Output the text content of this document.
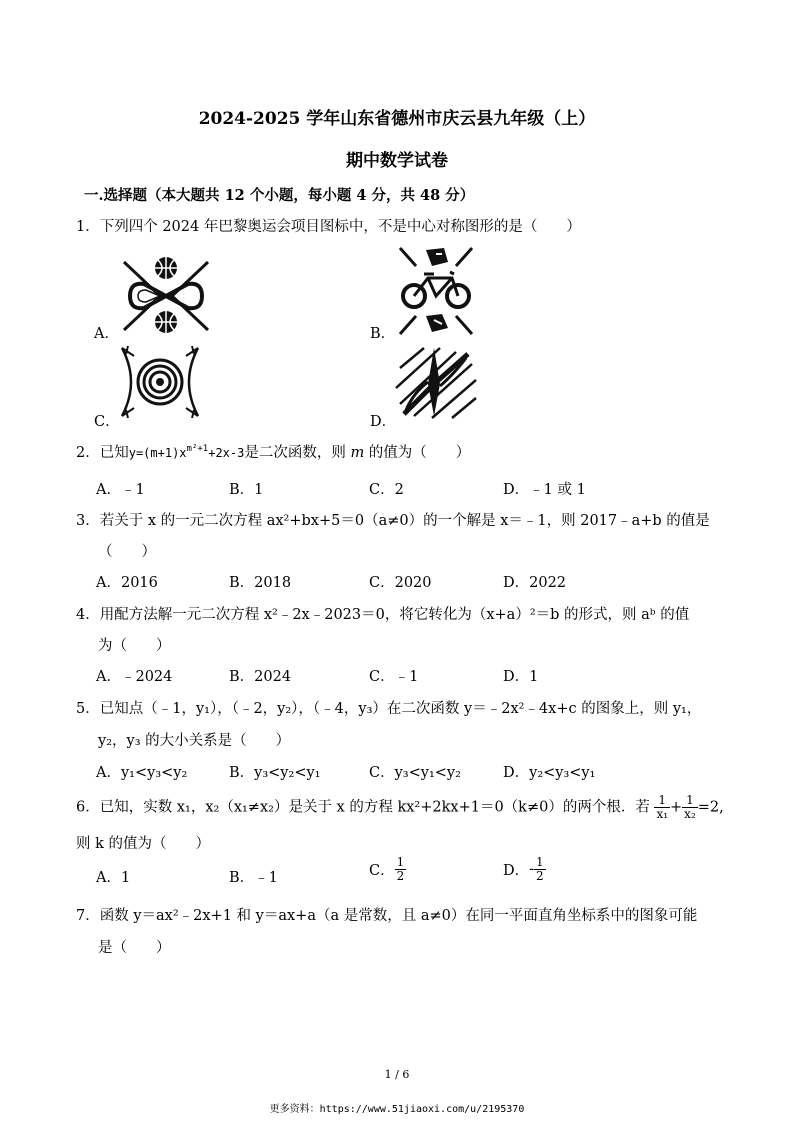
2024-2025 学年山东省德州市庆云县九年级（上）
期中数学试卷
一.选择题（本大题共 12 个小题，每小题 4 分，共 48 分）
1．下列四个 2024 年巴黎奥运会项目图标中，不是中心对称图形的是（　　）
A．	B．
C．	D．
2．已知$y=(m+1)x^{m^2+1}+2x-3$是二次函数，则 m 的值为（　　）
A．﹣1	B．1	C．2	D．﹣1 或 1
3．若关于 x 的一元二次方程 ax²+bx+5＝0（a≠0）的一个解是 x＝﹣1，则 2017﹣a+b 的值是
（　　）
A．2016	B．2018	C．2020	D．2022
4．用配方法解一元二次方程 x²﹣2x﹣2023＝0，将它转化为（x+a）²＝b 的形式，则 aᵇ 的值
为（　　）
A．﹣2024	B．2024	C．﹣1	D．1
5．已知点（﹣1，y₁），（﹣2，y₂），（﹣4，y₃）在二次函数 y＝﹣2x²﹣4x+c 的图象上，则 y₁，
y₂，y₃ 的大小关系是（　　）
A．y₁<y₃<y₂	B．y₃<y₂<y₁	C．y₃<y₁<y₂	D．y₂<y₃<y₁
6．已知，实数 x₁，x₂（x₁≠x₂）是关于 x 的方程 kx²+2kx+1＝0（k≠0）的两个根．若 $\frac{1}{\text{x₁}} + \frac{1}{\text{x₂}} =2$,
则 k 的值为（　　）
A．1	B．﹣1	C． $\frac{1}{2}$	D．- $\frac{1}{2}$
7．函数 y＝ax²﹣2x+1 和 y＝ax+a（a 是常数，且 a≠0）在同一平面直角坐标系中的图象可能
是（　　）
1 / 6
更多资料：https://www.51jiaoxi.com/u/2195370
